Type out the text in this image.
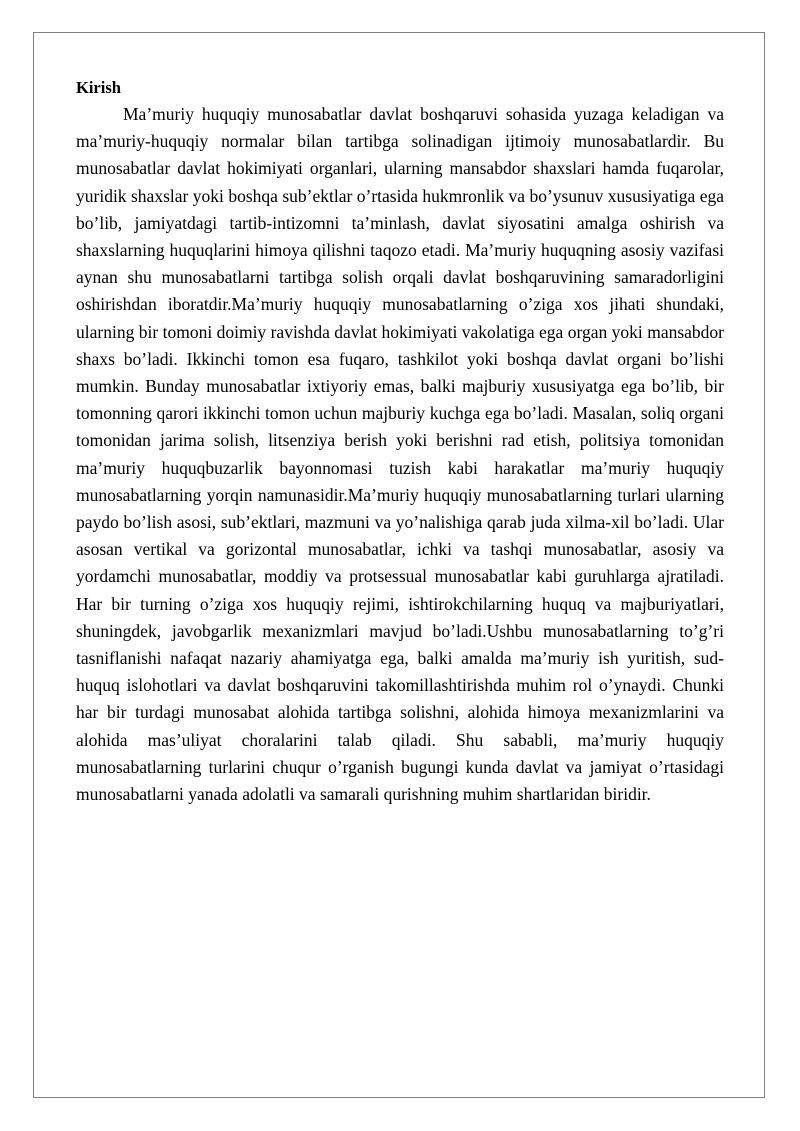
Kirish

Ma’muriy huquqiy munosabatlar davlat boshqaruvi sohasida yuzaga keladigan va ma’muriy-huquqiy normalar bilan tartibga solinadigan ijtimoiy munosabatlardir. Bu munosabatlar davlat hokimiyati organlari, ularning mansabdor shaxslari hamda fuqarolar, yuridik shaxslar yoki boshqa sub’ektlar o’rtasida hukmronlik va bo’ysunuv xususiyatiga ega bo’lib, jamiyatdagi tartib-intizomni ta’minlash, davlat siyosatini amalga oshirish va shaxslarning huquqlarini himoya qilishni taqozo etadi. Ma’muriy huquqning asosiy vazifasi aynan shu munosabatlarni tartibga solish orqali davlat boshqaruvining samaradorligini oshirishdan iboratdir.Ma’muriy huquqiy munosabatlarning o’ziga xos jihati shundaki, ularning bir tomoni doimiy ravishda davlat hokimiyati vakolatiga ega organ yoki mansabdor shaxs bo’ladi. Ikkinchi tomon esa fuqaro, tashkilot yoki boshqa davlat organi bo’lishi mumkin. Bunday munosabatlar ixtiyoriy emas, balki majburiy xususiyatga ega bo’lib, bir tomonning qarori ikkinchi tomon uchun majburiy kuchga ega bo’ladi. Masalan, soliq organi tomonidan jarima solish, litsenziya berish yoki berishni rad etish, politsiya tomonidan ma’muriy huquqbuzarlik bayonnomasi tuzish kabi harakatlar ma’muriy huquqiy munosabatlarning yorqin namunasidir.Ma’muriy huquqiy munosabatlarning turlari ularning paydo bo’lish asosi, sub’ektlari, mazmuni va yo’nalishiga qarab juda xilma-xil bo’ladi. Ular asosan vertikal va gorizontal munosabatlar, ichki va tashqi munosabatlar, asosiy va yordamchi munosabatlar, moddiy va protsessual munosabatlar kabi guruhlarga ajratiladi. Har bir turning o’ziga xos huquqiy rejimi, ishtirokchilarning huquq va majburiyatlari, shuningdek, javobgarlik mexanizmlari mavjud bo’ladi.Ushbu munosabatlarning to’g’ri tasniflanishi nafaqat nazariy ahamiyatga ega, balki amalda ma’muriy ish yuritish, sud-huquq islohotlari va davlat boshqaruvini takomillashtirishda muhim rol o’ynaydi. Chunki har bir turdagi munosabat alohida tartibga solishni, alohida himoya mexanizmlarini va alohida mas’uliyat choralarini talab qiladi. Shu sababli, ma’muriy huquqiy munosabatlarning turlarini chuqur o’rganish bugungi kunda davlat va jamiyat o’rtasidagi munosabatlarni yanada adolatli va samarali qurishning muhim shartlaridan biridir.
